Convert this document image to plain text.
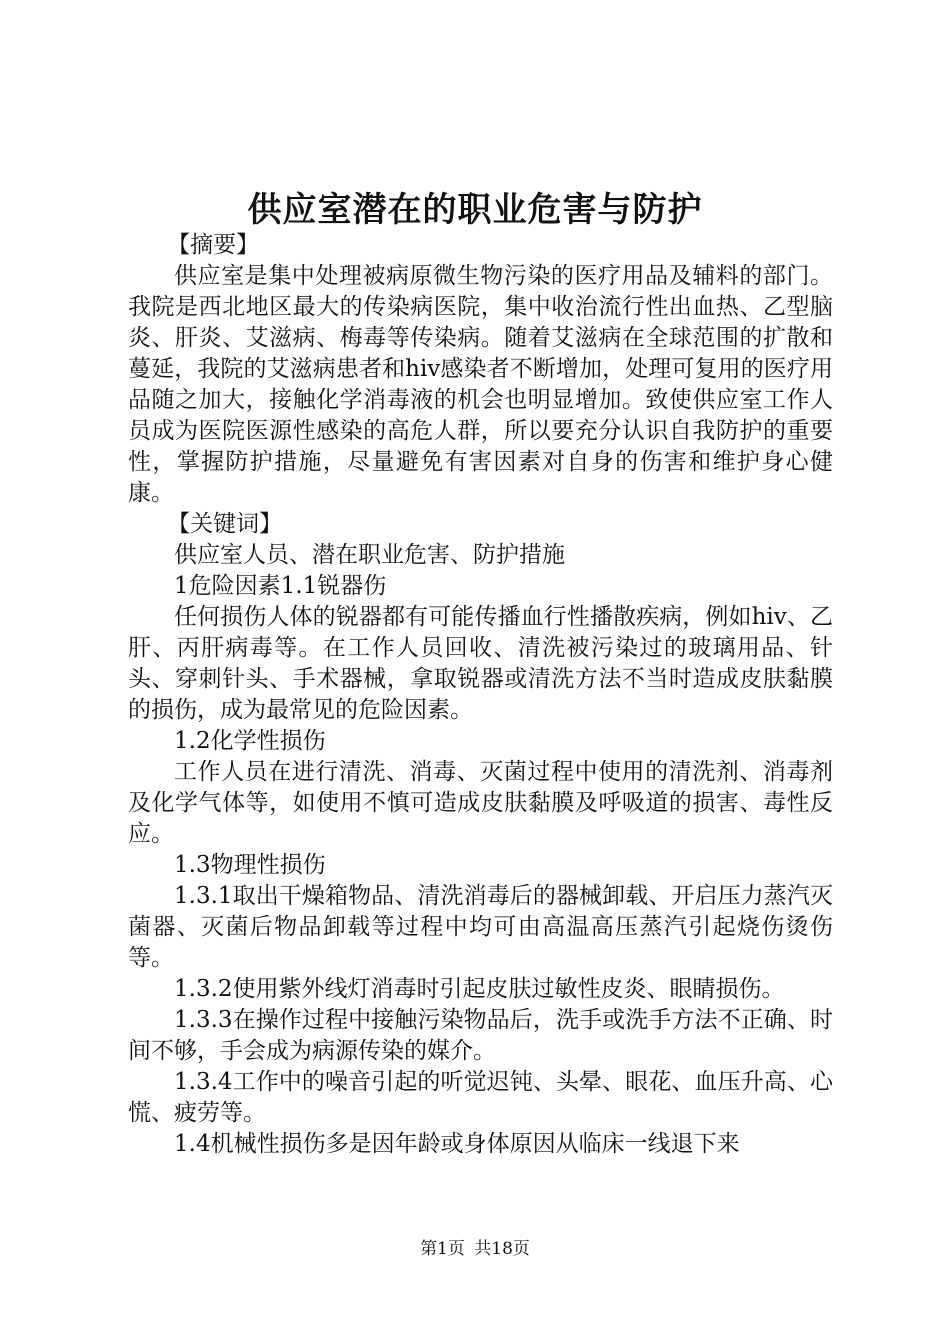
供应室潜在的职业危害与防护

【摘要】

供应室是集中处理被病原微生物污染的医疗用品及辅料的部门。我院是西北地区最大的传染病医院，集中收治流行性出血热、乙型脑炎、肝炎、艾滋病、梅毒等传染病。随着艾滋病在全球范围的扩散和蔓延，我院的艾滋病患者和hiv感染者不断增加，处理可复用的医疗用品随之加大，接触化学消毒液的机会也明显增加。致使供应室工作人员成为医院医源性感染的高危人群，所以要充分认识自我防护的重要性，掌握防护措施，尽量避免有害因素对自身的伤害和维护身心健康。

【关键词】

供应室人员、潜在职业危害、防护措施

1危险因素1.1锐器伤

任何损伤人体的锐器都有可能传播血行性播散疾病，例如hiv、乙肝、丙肝病毒等。在工作人员回收、清洗被污染过的玻璃用品、针头、穿刺针头、手术器械，拿取锐器或清洗方法不当时造成皮肤黏膜的损伤，成为最常见的危险因素。

1.2化学性损伤

工作人员在进行清洗、消毒、灭菌过程中使用的清洗剂、消毒剂及化学气体等，如使用不慎可造成皮肤黏膜及呼吸道的损害、毒性反应。

1.3物理性损伤

1.3.1取出干燥箱物品、清洗消毒后的器械卸载、开启压力蒸汽灭菌器、灭菌后物品卸载等过程中均可由高温高压蒸汽引起烧伤烫伤等。

1.3.2使用紫外线灯消毒时引起皮肤过敏性皮炎、眼睛损伤。

1.3.3在操作过程中接触污染物品后，洗手或洗手方法不正确、时间不够，手会成为病源传染的媒介。

1.3.4工作中的噪音引起的听觉迟钝、头晕、眼花、血压升高、心慌、疲劳等。

1.4机械性损伤多是因年龄或身体原因从临床一线退下来

第1页 共18页
